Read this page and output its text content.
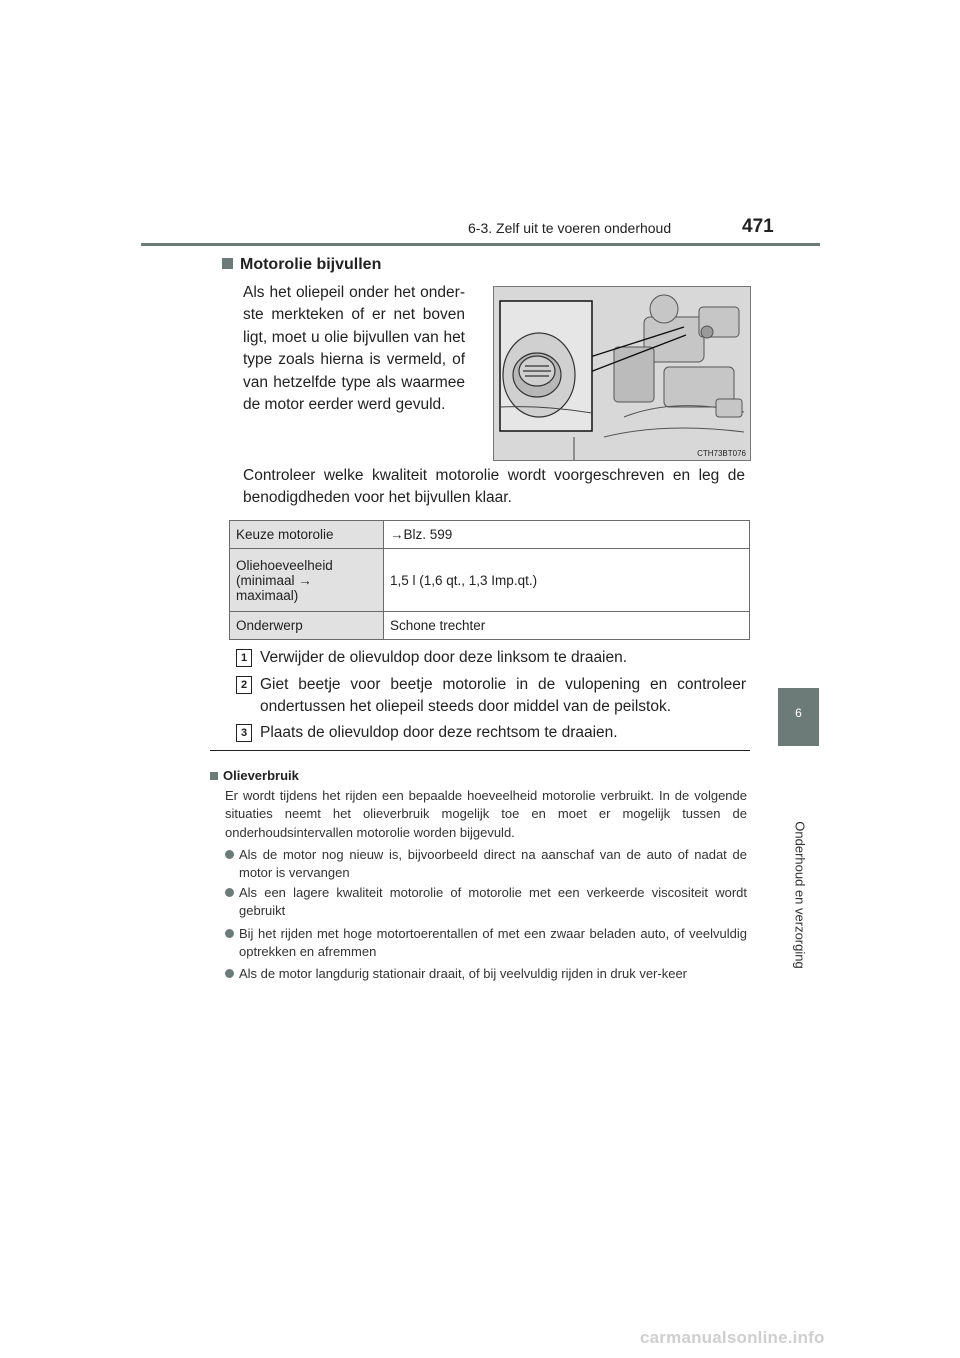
6-3. Zelf uit te voeren onderhoud	471
6
Onderhoud en verzorging
Motorolie bijvullen
Als het oliepeil onder het onder-ste merkteken of er net boven ligt, moet u olie bijvullen van het type zoals hierna is vermeld, of van hetzelfde type als waarmee de motor eerder werd gevuld.
CTH73BT076
Controleer welke kwaliteit motorolie wordt voorgeschreven en leg de benodigdheden voor het bijvullen klaar.
Keuze motorolie	→Blz. 599
Oliehoeveelheid (minimaal → maximaal)	1,5 l (1,6 qt., 1,3 Imp.qt.)
Onderwerp	Schone trechter
1 Verwijder de olievuldop door deze linksom te draaien.
2 Giet beetje voor beetje motorolie in de vulopening en controleer ondertussen het oliepeil steeds door middel van de peilstok.
3 Plaats de olievuldop door deze rechtsom te draaien.
Olieverbruik
Er wordt tijdens het rijden een bepaalde hoeveelheid motorolie verbruikt. In de volgende situaties neemt het olieverbruik mogelijk toe en moet er mogelijk tussen de onderhoudsintervallen motorolie worden bijgevuld.
Als de motor nog nieuw is, bijvoorbeeld direct na aanschaf van de auto of nadat de motor is vervangen
Als een lagere kwaliteit motorolie of motorolie met een verkeerde viscositeit wordt gebruikt
Bij het rijden met hoge motortoerentallen of met een zwaar beladen auto, of veelvuldig optrekken en afremmen
Als de motor langdurig stationair draait, of bij veelvuldig rijden in druk ver-keer
carmanualsonline.info
